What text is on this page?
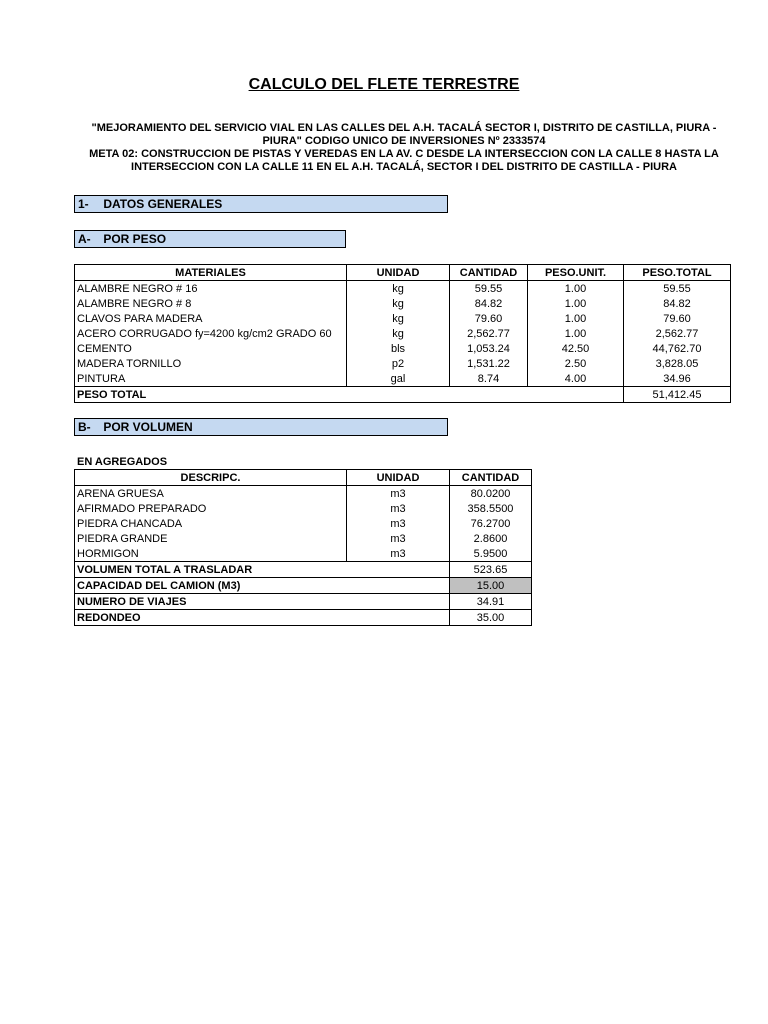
CALCULO DEL FLETE TERRESTRE
"MEJORAMIENTO DEL SERVICIO VIAL EN LAS CALLES DEL A.H. TACALÁ SECTOR I, DISTRITO DE CASTILLA, PIURA -
PIURA" CODIGO UNICO DE INVERSIONES Nº 2333574
META 02: CONSTRUCCION DE PISTAS Y VEREDAS EN LA AV. C DESDE LA INTERSECCION CON LA CALLE 8 HASTA LA
INTERSECCION CON LA CALLE 11 EN EL A.H. TACALÁ, SECTOR I DEL DISTRITO DE CASTILLA - PIURA
1- DATOS GENERALES
A- POR PESO
MATERIALES	UNIDAD	CANTIDAD	PESO.UNIT.	PESO.TOTAL
ALAMBRE NEGRO # 16	kg	59.55	1.00	59.55
ALAMBRE NEGRO # 8	kg	84.82	1.00	84.82
CLAVOS PARA MADERA	kg	79.60	1.00	79.60
ACERO CORRUGADO fy=4200 kg/cm2 GRADO 60	kg	2,562.77	1.00	2,562.77
CEMENTO	bls	1,053.24	42.50	44,762.70
MADERA TORNILLO	p2	1,531.22	2.50	3,828.05
PINTURA	gal	8.74	4.00	34.96
PESO TOTAL				51,412.45
B- POR VOLUMEN
EN AGREGADOS
DESCRIPC.	UNIDAD	CANTIDAD
ARENA GRUESA	m3	80.0200
AFIRMADO PREPARADO	m3	358.5500
PIEDRA CHANCADA	m3	76.2700
PIEDRA GRANDE	m3	2.8600
HORMIGON	m3	5.9500
VOLUMEN TOTAL A TRASLADAR		523.65
CAPACIDAD DEL CAMION (M3)		15.00
NUMERO DE VIAJES		34.91
REDONDEO		35.00
